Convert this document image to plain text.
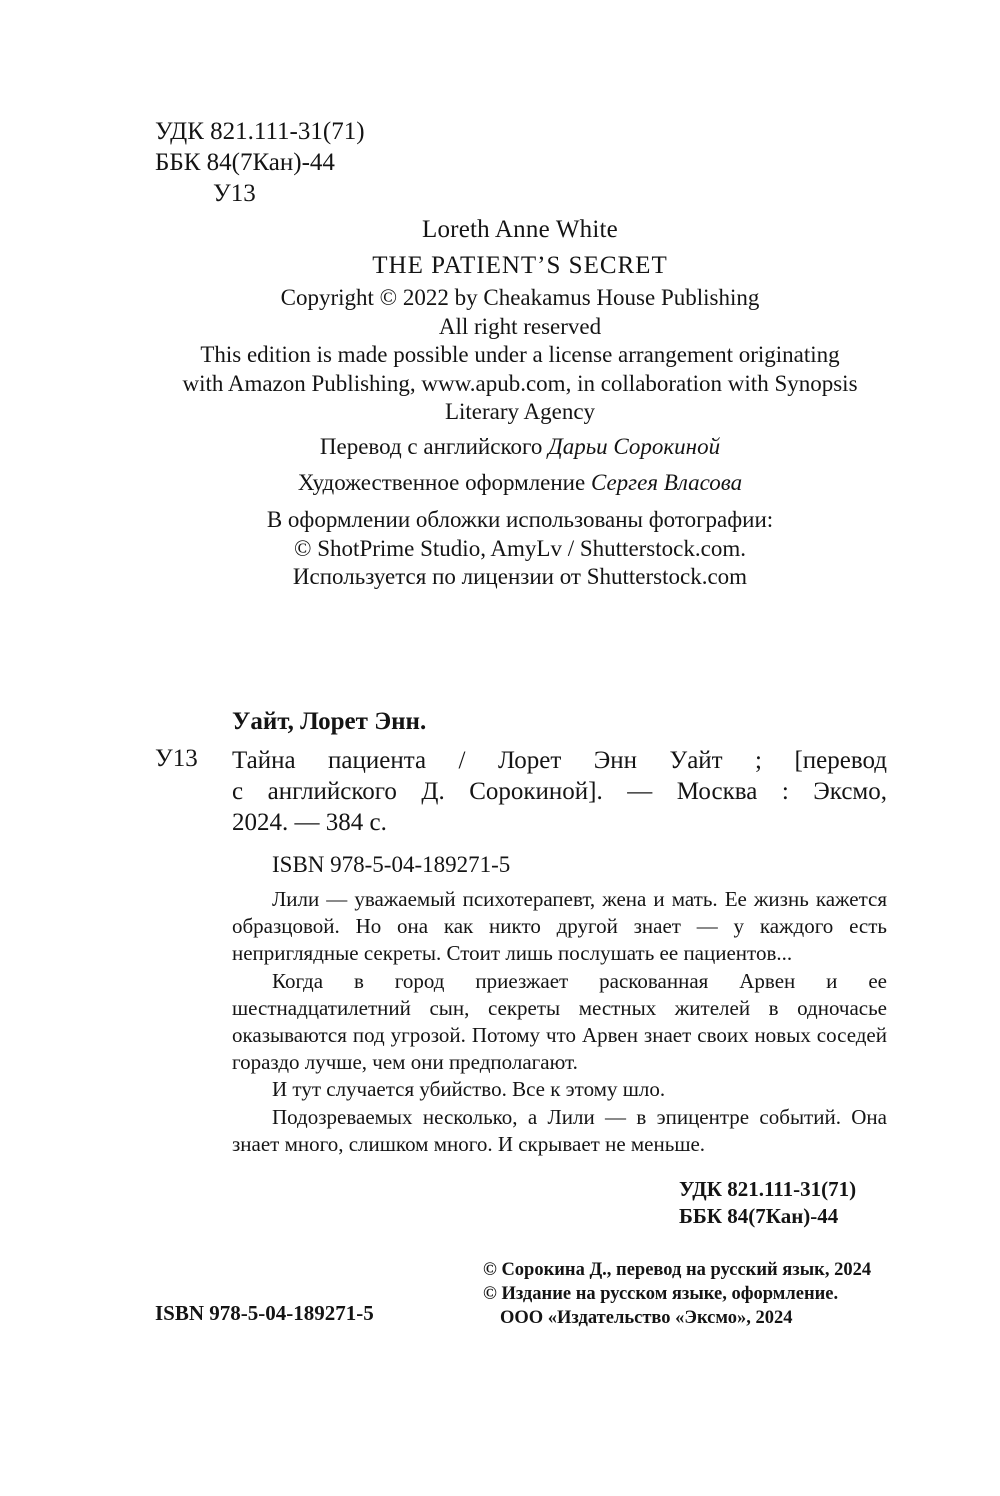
УДК 821.111-31(71)
ББК 84(7Кан)-44
У13
Loreth Anne White
THE PATIENT’S SECRET
Copyright © 2022 by Cheakamus House Publishing
All right reserved
This edition is made possible under a license arrangement originating
with Amazon Publishing, www.apub.com, in collaboration with Synopsis
Literary Agency
Перевод с английского Дарьи Сорокиной
Художественное оформление Сергея Власова
В оформлении обложки использованы фотографии:
© ShotPrime Studio, AmyLv / Shutterstock.com.
Используется по лицензии от Shutterstock.com
Уайт, Лорет Энн.
У13 Тайна пациента / Лорет Энн Уайт ; [перевод
с английского Д. Сорокиной]. — Москва : Эксмо,
2024. — 384 с.
ISBN 978-5-04-189271-5

Лили — уважаемый психотерапевт, жена и мать. Ее жизнь кажется образцовой. Но она как никто другой знает — у каждого есть неприглядные секреты. Стоит лишь послушать ее пациентов...

Когда в город приезжает раскованная Арвен и ее шестнадцатилетний сын, секреты местных жителей в одночасье оказываются под угрозой. Потому что Арвен знает своих новых соседей гораздо лучше, чем они предполагают.

И тут случается убийство. Все к этому шло.

Подозреваемых несколько, а Лили — в эпицентре событий. Она знает много, слишком много. И скрывает не меньше.

УДК 821.111-31(71)
ББК 84(7Кан)-44
ISBN 978-5-04-189271-5
© Сорокина Д., перевод на русский язык, 2024
© Издание на русском языке, оформление.
ООО «Издательство «Эксмо», 2024
